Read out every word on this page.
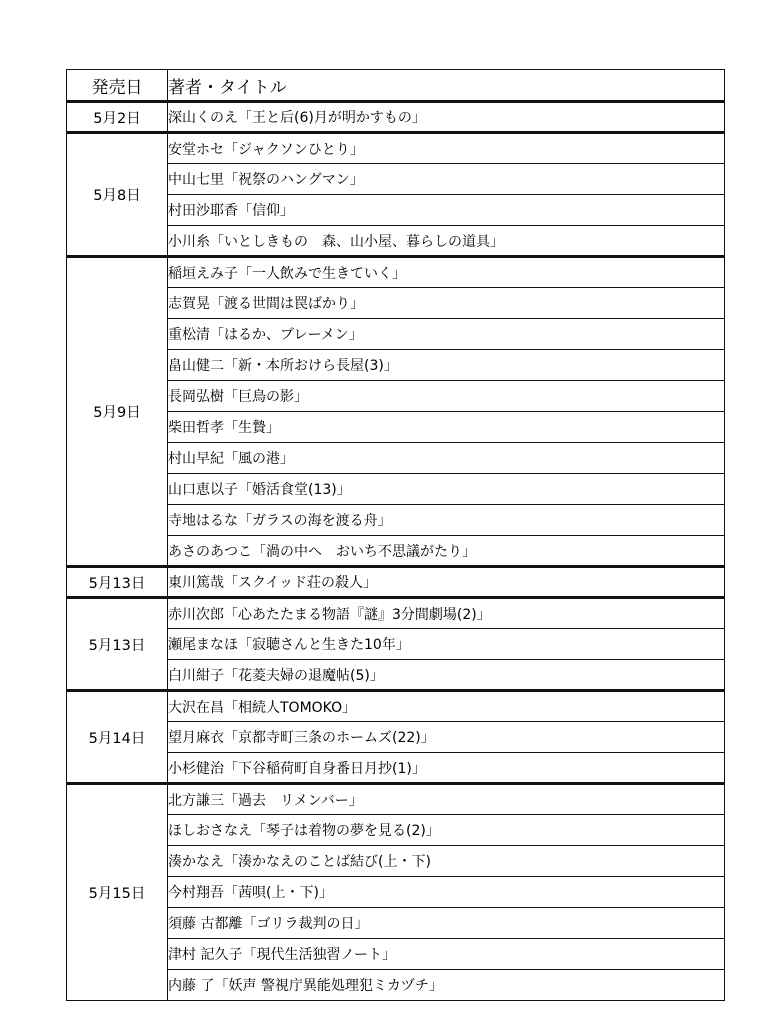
発売日	著者・タイトル
5月2日	深山くのえ「王と后(6)月が明かすもの」
5月8日	安堂ホセ「ジャクソンひとり」
	中山七里「祝祭のハングマン」
	村田沙耶香「信仰」
	小川糸「いとしきもの　森、山小屋、暮らしの道具」
5月9日	稲垣えみ子「一人飲みで生きていく」
	志賀晃「渡る世間は罠ばかり」
	重松清「はるか、ブレーメン」
	畠山健二「新・本所おけら長屋(3)」
	長岡弘樹「巨鳥の影」
	柴田哲孝「生贄」
	村山早紀「風の港」
	山口恵以子「婚活食堂(13)」
	寺地はるな「ガラスの海を渡る舟」
	あさのあつこ「渦の中へ　おいち不思議がたり」
5月13日	東川篤哉「スクイッド荘の殺人」
5月13日	赤川次郎「心あたたまる物語『謎』3分間劇場(2)」
	瀬尾まなほ「寂聴さんと生きた10年」
	白川紺子「花菱夫婦の退魔帖(5)」
5月14日	大沢在昌「相続人TOMOKO」
	望月麻衣「京都寺町三条のホームズ(22)」
	小杉健治「下谷稲荷町自身番日月抄(1)」
5月15日	北方謙三「過去　リメンバー」
	ほしおさなえ「琴子は着物の夢を見る(2)」
	湊かなえ「湊かなえのことば結び(上・下)
	今村翔吾「茜唄(上・下)」
	須藤 古都離「ゴリラ裁判の日」
	津村 記久子「現代生活独習ノート」
	内藤 了「妖声 警視庁異能処理犯ミカヅチ」
